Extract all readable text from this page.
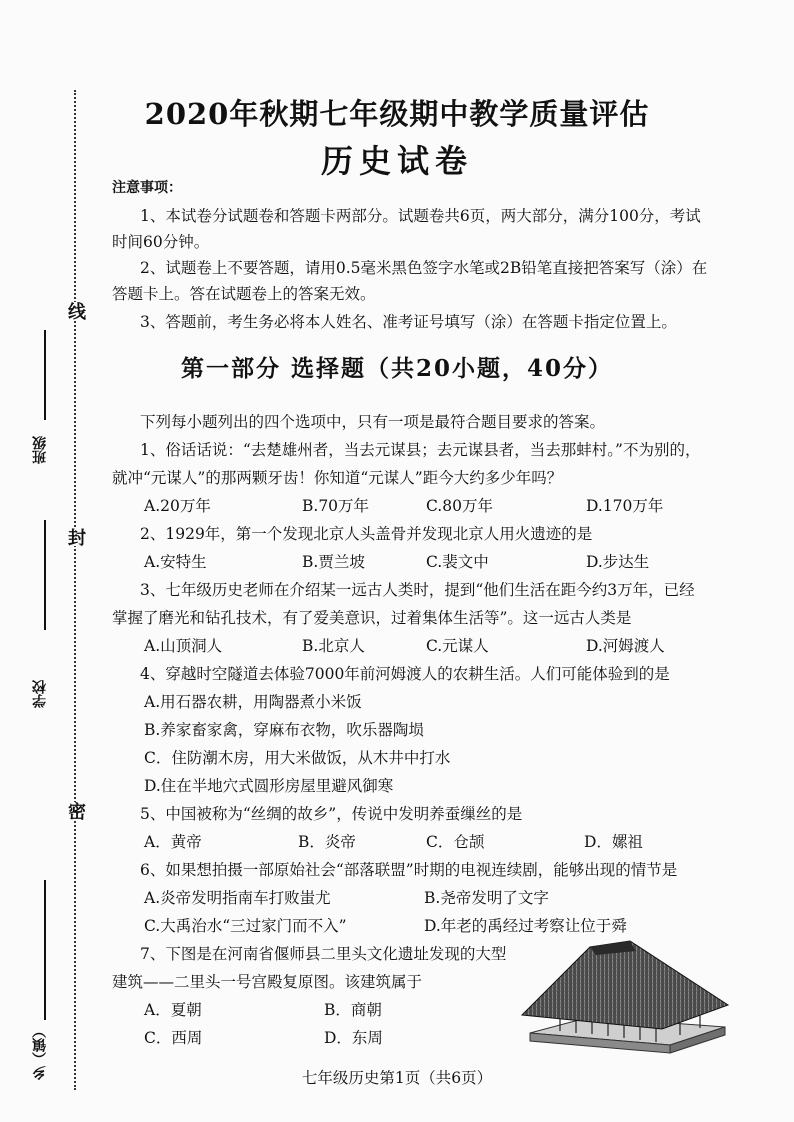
线
封
密
乡（镇）
学校
班级
2020年秋期七年级期中教学质量评估
历史试卷
注意事项：
1、本试卷分试题卷和答题卡两部分。试题卷共6页，两大部分，满分100分，考试
时间60分钟。
2、试题卷上不要答题，请用0.5毫米黑色签字水笔或2B铅笔直接把答案写（涂）在
答题卡上。答在试题卷上的答案无效。
3、答题前，考生务必将本人姓名、准考证号填写（涂）在答题卡指定位置上。
第一部分 选择题（共20小题，40分）
下列每小题列出的四个选项中，只有一项是最符合题目要求的答案。
1、俗话话说：“去楚雄州者，当去元谋县；去元谋县者，当去那蚌村。”不为别的，
就冲“元谋人”的那两颗牙齿！你知道“元谋人”距今大约多少年吗？
A.20万年	B.70万年	C.80万年	D.170万年
2、1929年，第一个发现北京人头盖骨并发现北京人用火遗迹的是
A.安特生	B.贾兰坡	C.裴文中	D.步达生
3、七年级历史老师在介绍某一远古人类时，提到“他们生活在距今约3万年，已经
掌握了磨光和钻孔技术，有了爱美意识，过着集体生活等”。这一远古人类是
A.山顶洞人	B.北京人	C.元谋人	D.河姆渡人
4、穿越时空隧道去体验7000年前河姆渡人的农耕生活。人们可能体验到的是
A.用石器农耕，用陶器煮小米饭
B.养家畜家禽，穿麻布衣物，吹乐器陶埙
C．住防潮木房，用大米做饭，从木井中打水
D.住在半地穴式圆形房屋里避风御寒
5、中国被称为“丝绸的故乡”，传说中发明养蚕缫丝的是
A．黄帝	B．炎帝	C．仓颉	D．嫘祖
6、如果想拍摄一部原始社会“部落联盟”时期的电视连续剧，能够出现的情节是
A.炎帝发明指南车打败蚩尤	B.尧帝发明了文字
C.大禹治水“三过家门而不入”	D.年老的禹经过考察让位于舜
7、下图是在河南省偃师县二里头文化遗址发现的大型
建筑——二里头一号宫殿复原图。该建筑属于
A．夏朝	B．商朝
C．西周	D．东周
七年级历史第1页（共6页）
